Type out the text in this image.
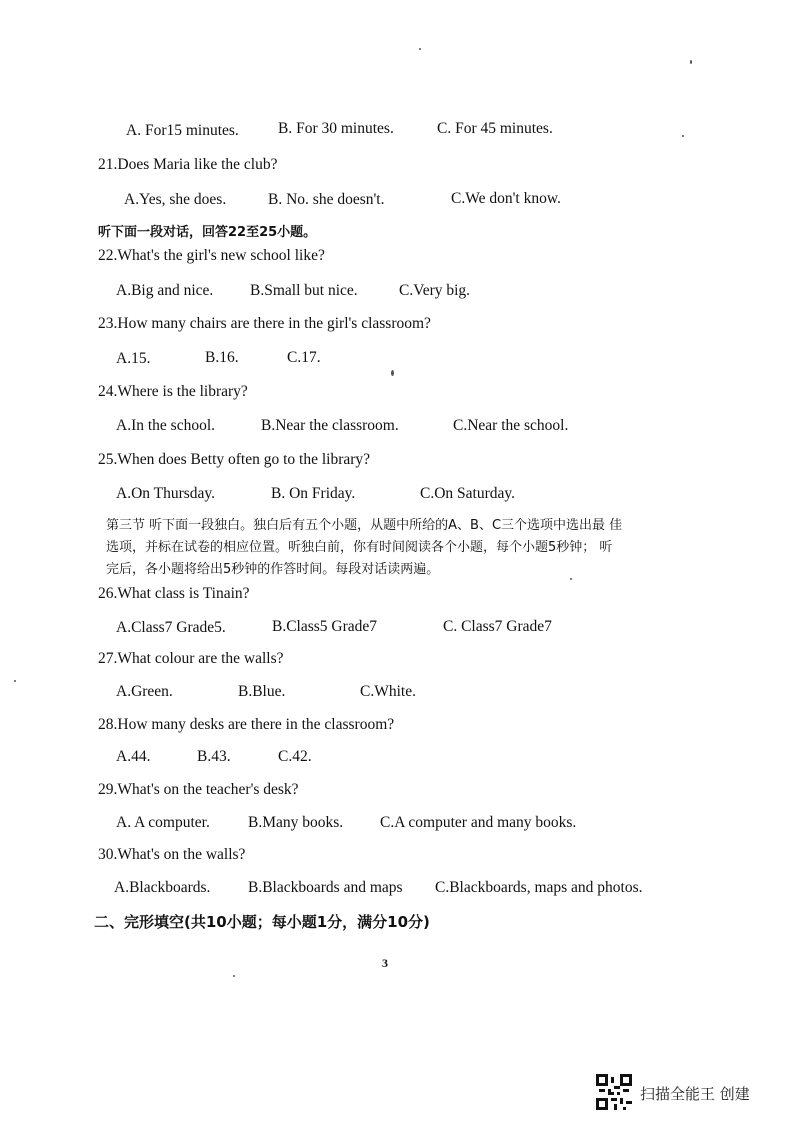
A. For15 minutes.	B. For 30 minutes.	C. For 45 minutes.
21.Does Maria like the club?
A.Yes, she does.	B. No. she doesn't.	C.We don't know.
听下面一段对话，回答22至25小题。
22.What's the girl's new school like?
A.Big and nice. B.Small but nice.	C.Very big.
23.How many chairs are there in the girl's classroom?
A.15.	B.16.	C.17.
24.Where is the library?
A.In the school.	B.Near the classroom.	C.Near the school.
25.When does Betty often go to the library?
A.On Thursday.	B. On Friday.	C.On Saturday.
第三节 听下面一段独白。独白后有五个小题，从题中所给的A、B、C三个选项中选出最 佳
选项，并标在试卷的相应位置。听独白前，你有时间阅读各个小题，每个小题5秒钟； 听
完后，各小题将给出5秒钟的作答时间。每段对话读两遍。
26.What class is Tinain?
A.Class7 Grade5.	B.Class5 Grade7	C. Class7 Grade7
27.What colour are the walls?
A.Green.	B.Blue.	C.White.
28.How many desks are there in the classroom?
A.44.	B.43.	C.42.
29.What's on the teacher's desk?
A. A computer. B.Many books. C.A computer and many books.
30.What's on the walls?
A.Blackboards. B.Blackboards and maps C.Blackboards, maps and photos.
二、完形填空(共10小题；每小题1分，满分10分)
3
扫描全能王 创建
